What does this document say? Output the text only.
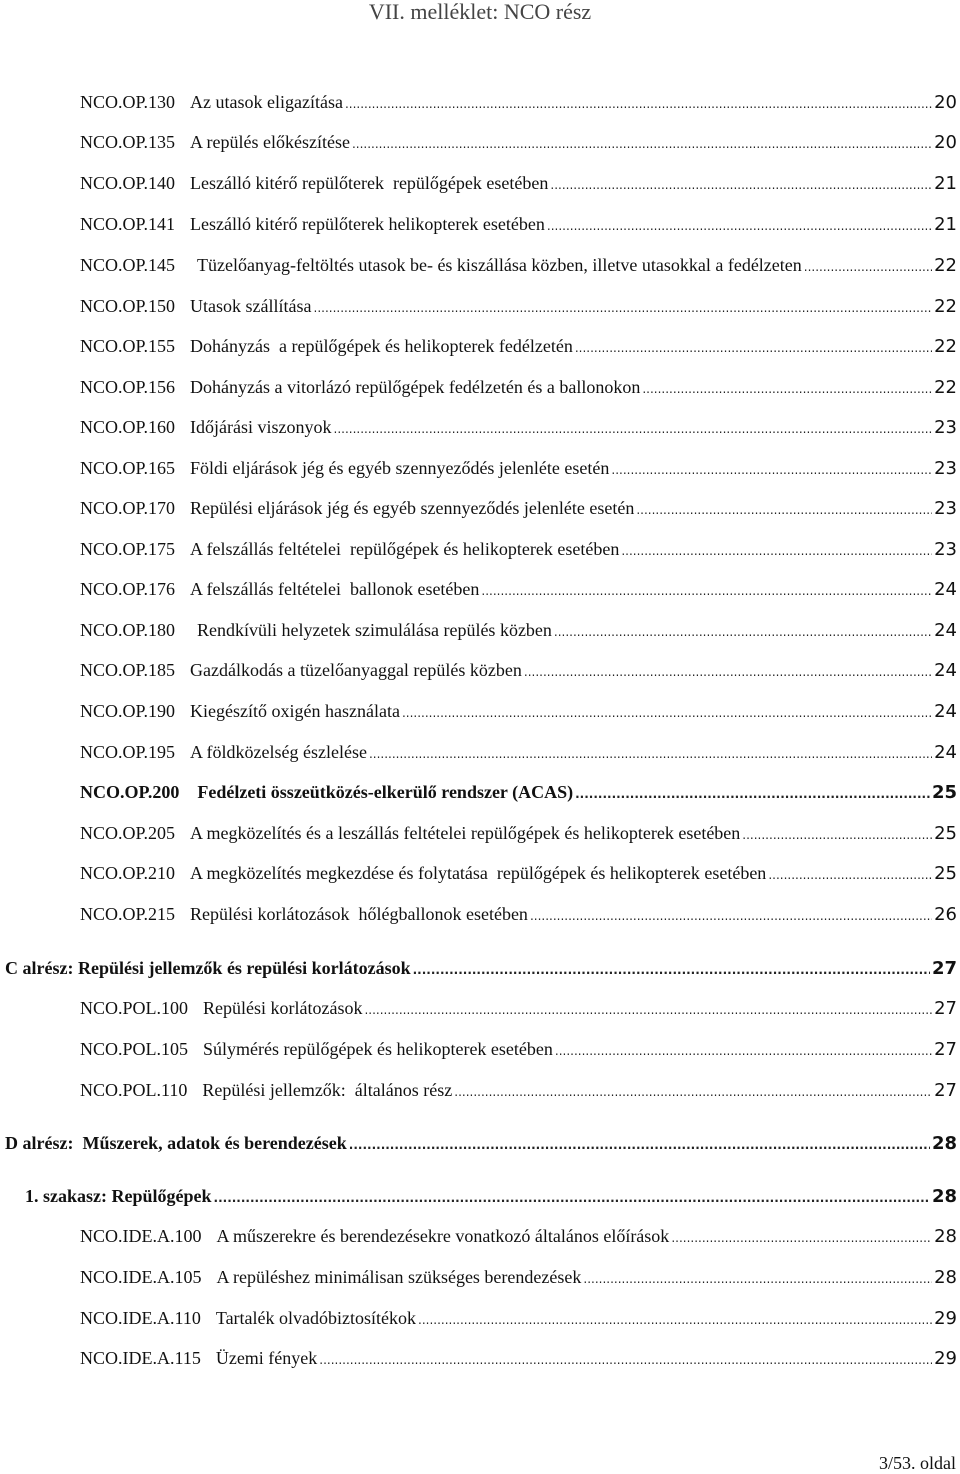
VII. melléklet: NCO rész
NCO.OP.130 Az utasok eligazítása .....	20
NCO.OP.135 A repülés előkészítése .....	20
NCO.OP.140 Leszálló kitérő repülőterek  repülőgépek esetében .....	21
NCO.OP.141 Leszálló kitérő repülőterek helikopterek esetében .....	21
NCO.OP.145 Tüzelőanyag-feltöltés utasok be- és kiszállása közben, illetve utasokkal a fedélzeten .....	22
NCO.OP.150 Utasok szállítása .....	22
NCO.OP.155 Dohányzás  a repülőgépek és helikopterek fedélzetén .....	22
NCO.OP.156 Dohányzás a vitorlázó repülőgépek fedélzetén és a ballonokon .....	22
NCO.OP.160 Időjárási viszonyok .....	23
NCO.OP.165 Földi eljárások jég és egyéb szennyeződés jelenléte esetén .....	23
NCO.OP.170 Repülési eljárások jég és egyéb szennyeződés jelenléte esetén .....	23
NCO.OP.175 A felszállás feltételei  repülőgépek és helikopterek esetében .....	23
NCO.OP.176 A felszállás feltételei  ballonok esetében .....	24
NCO.OP.180 Rendkívüli helyzetek szimulálása repülés közben .....	24
NCO.OP.185 Gazdálkodás a tüzelőanyaggal repülés közben .....	24
NCO.OP.190 Kiegészítő oxigén használata .....	24
NCO.OP.195 A földközelség észlelése .....	24
NCO.OP.200 Fedélzeti összeütközés-elkerülő rendszer (ACAS) .....	25
NCO.OP.205 A megközelítés és a leszállás feltételei repülőgépek és helikopterek esetében .....	25
NCO.OP.210 A megközelítés megkezdése és folytatása  repülőgépek és helikopterek esetében .....	25
NCO.OP.215 Repülési korlátozások  hőlégballonok esetében .....	26
C alrész: Repülési jellemzők és repülési korlátozások .....	27
NCO.POL.100 Repülési korlátozások .....	27
NCO.POL.105 Súlymérés repülőgépek és helikopterek esetében .....	27
NCO.POL.110 Repülési jellemzők:  általános rész .....	27
D alrész:  Műszerek, adatok és berendezések .....	28
1. szakasz: Repülőgépek .....	28
NCO.IDE.A.100 A műszerekre és berendezésekre vonatkozó általános előírások .....	28
NCO.IDE.A.105 A repüléshez minimálisan szükséges berendezések .....	28
NCO.IDE.A.110 Tartalék olvadóbiztosítékok .....	29
NCO.IDE.A.115 Üzemi fények .....	29
3/53. oldal
